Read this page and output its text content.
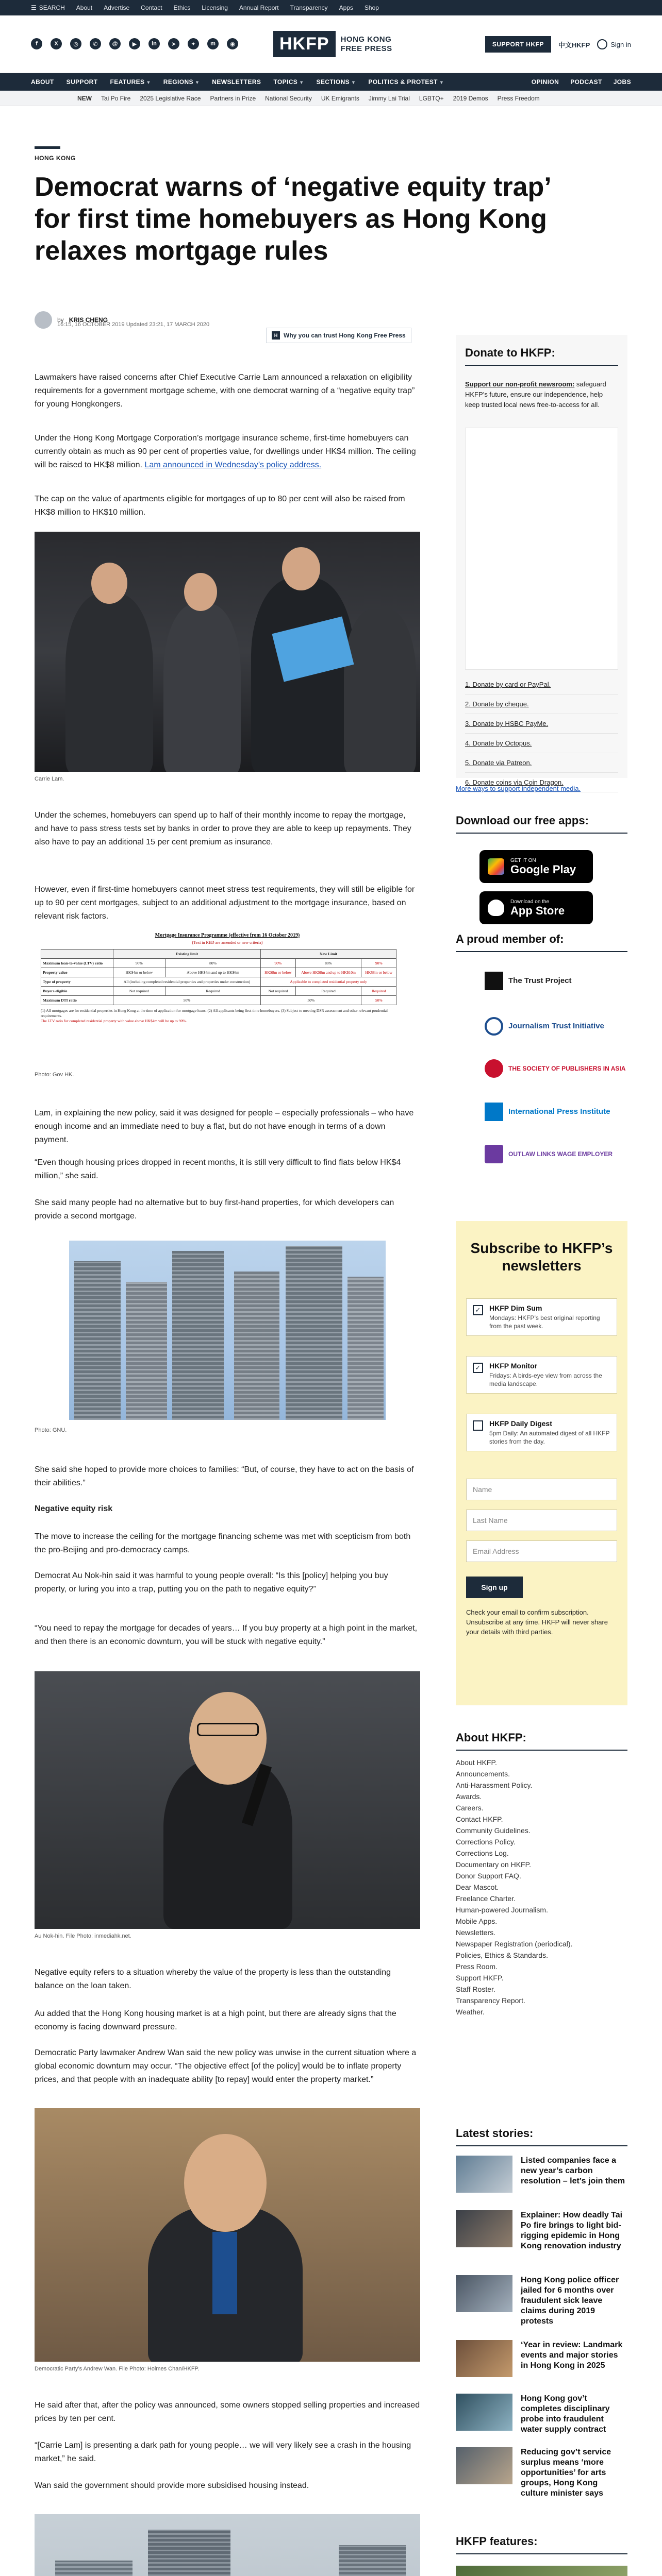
☰ SEARCH About Advertise Contact Ethics Licensing Annual Report Transparency Apps Shop
f	X	◎	✆	@	▶	in	➤	✦	m	◉	HKFP	HONG KONG
FREE PRESS	SUPPORT HKFP	中文HKFP	Sign in
ABOUT SUPPORT FEATURES ▼ REGIONS ▼ NEWSLETTERS TOPICS ▼ SECTIONS ▼ POLITICS & PROTEST ▼	OPINION PODCAST JOBS
NEW Tai Po Fire 2025 Legislative Race Partners in Prize National Security UK Emigrants Jimmy Lai Trial LGBTQ+ 2019 Demos Press Freedom
HONG KONG
Democrat warns of ‘negative equity trap’ for first time homebuyers as Hong Kong relaxes mortgage rules
by KRIS CHENG
16:15, 16 OCTOBER 2019 Updated 23:21, 17 MARCH 2020
H Why you can trust Hong Kong Free Press

Lawmakers have raised concerns after Chief Executive Carrie Lam announced a relaxation on eligibility requirements for a government mortgage scheme, with one democrat warning of a “negative equity trap” for young Hongkongers.

Under the Hong Kong Mortgage Corporation’s mortgage insurance scheme, first-time homebuyers can currently obtain as much as 90 per cent of properties value, for dwellings under HK$4 million. The ceiling will be raised to HK$8 million. Lam announced in Wednesday’s policy address.

The cap on the value of apartments eligible for mortgages of up to 80 per cent will also be raised from HK$8 million to HK$10 million.

Carrie Lam.

Under the schemes, homebuyers can spend up to half of their monthly income to repay the mortgage, and have to pass stress tests set by banks in order to prove they are able to keep up repayments. They also have to pay an additional 15 per cent premium as insurance.

However, even if first-time homebuyers cannot meet stress test requirements, they will still be eligible for up to 90 per cent mortgages, subject to an additional adjustment to the mortgage insurance, based on relevant risk factors.

Mortgage Insurance Programme (effective from 16 October 2019)
(Text in RED are amended or new criteria)
	Existing limit		New Limit		
Maximum loan-to-value (LTV) ratio	90%	80%	90%	80%	90%
Property value	HK$4m or below	Above HK$4m and up to HK$6m	HK$8m or below	Above HK$8m and up to HK$10m	HK$8m or below
Type of property	All (including completed residential properties and properties under construction)		Applicable to completed residential property only		
Buyers eligible	Not required	Required	Not required	Required	Required
Maximum DTI ratio	50%		50%		50%
(1) All mortgages are for residential properties in Hong Kong at the time of application for mortgage loans. (2) All applicants being first-time homebuyers. (3) Subject to meeting DSR assessment and other relevant prudential requirements.
The LTV ratio for completed residential property with value above HK$4m will be up to 90%.
Photo: Gov HK.

Lam, in explaining the new policy, said it was designed for people – especially professionals – who have enough income and an immediate need to buy a flat, but do not have enough in terms of a down payment.

“Even though housing prices dropped in recent months, it is still very difficult to find flats below HK$4 million,” she said.

She said many people had no alternative but to buy first-hand properties, for which developers can provide a second mortgage.

Photo: GNU.

She said she hoped to provide more choices to families: “But, of course, they have to act on the basis of their abilities.”

Negative equity risk

The move to increase the ceiling for the mortgage financing scheme was met with scepticism from both the pro-Beijing and pro-democracy camps.

Democrat Au Nok-hin said it was harmful to young people overall: “Is this [policy] helping you buy property, or luring you into a trap, putting you on the path to negative equity?”

“You need to repay the mortgage for decades of years… If you buy property at a high point in the market, and then there is an economic downturn, you will be stuck with negative equity.”

Au Nok-hin. File Photo: inmediahk.net.

Negative equity refers to a situation whereby the value of the property is less than the outstanding balance on the loan taken.

Au added that the Hong Kong housing market is at a high point, but there are already signs that the economy is facing downward pressure.

Democratic Party lawmaker Andrew Wan said the new policy was unwise in the current situation where a global economic downturn may occur. “The objective effect [of the policy] would be to inflate property prices, and that people with an inadequate ability [to repay] would enter the property market.”

Democratic Party’s Andrew Wan. File Photo: Holmes Chan/HKFP.

He said after that, after the policy was announced, some owners stopped selling properties and increased prices by ten per cent.

“[Carrie Lam] is presenting a dark path for young people… we will very likely see a crash in the housing market,” he said.

Wan said the government should provide more subsidised housing instead.

Donate to HKFP:
Support our non-profit newsroom: safeguard HKFP’s future, ensure our independence, help keep trusted local news free-to-access for all.
1. Donate by card or PayPal.
2. Donate by cheque.
3. Donate by HSBC PayMe.
4. Donate by Octopus.
5. Donate via Patreon.
6. Donate coins via Coin Dragon.
More ways to support independent media.
Download our free apps:
GET IT ON
Google Play
Download on the
App Store
A proud member of:
The Trust Project
Journalism Trust Initiative
THE SOCIETY OF PUBLISHERS IN ASIA
International Press Institute
OUTLAW LINKS WAGE EMPLOYER
Subscribe to HKFP’s newsletters
✓	HKFP Dim Sum
Mondays: HKFP’s best original reporting from the past week.
✓	HKFP Monitor
Fridays: A birds-eye view from across the media landscape.
HKFP Daily Digest
5pm Daily: An automated digest of all HKFP stories from the day.
Name
Last Name
Email Address
Sign up
Check your email to confirm subscription. Unsubscribe at any time. HKFP will never share your details with third parties.
About HKFP:
About HKFP.
Announcements.
Anti-Harassment Policy.
Awards.
Careers.
Contact HKFP.
Community Guidelines.
Corrections Policy.
Corrections Log.
Documentary on HKFP.
Donor Support FAQ.
Dear Mascot.
Freelance Charter.
Human-powered Journalism.
Mobile Apps.
Newsletters.
Newspaper Registration (periodical).
Policies, Ethics & Standards.
Press Room.
Support HKFP.
Staff Roster.
Transparency Report.
Weather.
Latest stories:
Listed companies face a new year’s carbon resolution – let’s join them
Explainer: How deadly Tai Po fire brings to light bid-rigging epidemic in Hong Kong renovation industry
Hong Kong police officer jailed for 6 months over fraudulent sick leave claims during 2019 protests
‘Year in review: Landmark events and major stories in Hong Kong in 2025
Hong Kong gov’t completes disciplinary probe into fraudulent water supply contract
Reducing gov’t service surplus means ‘more opportunities’ for arts groups, Hong Kong culture minister says
HKFP features:
